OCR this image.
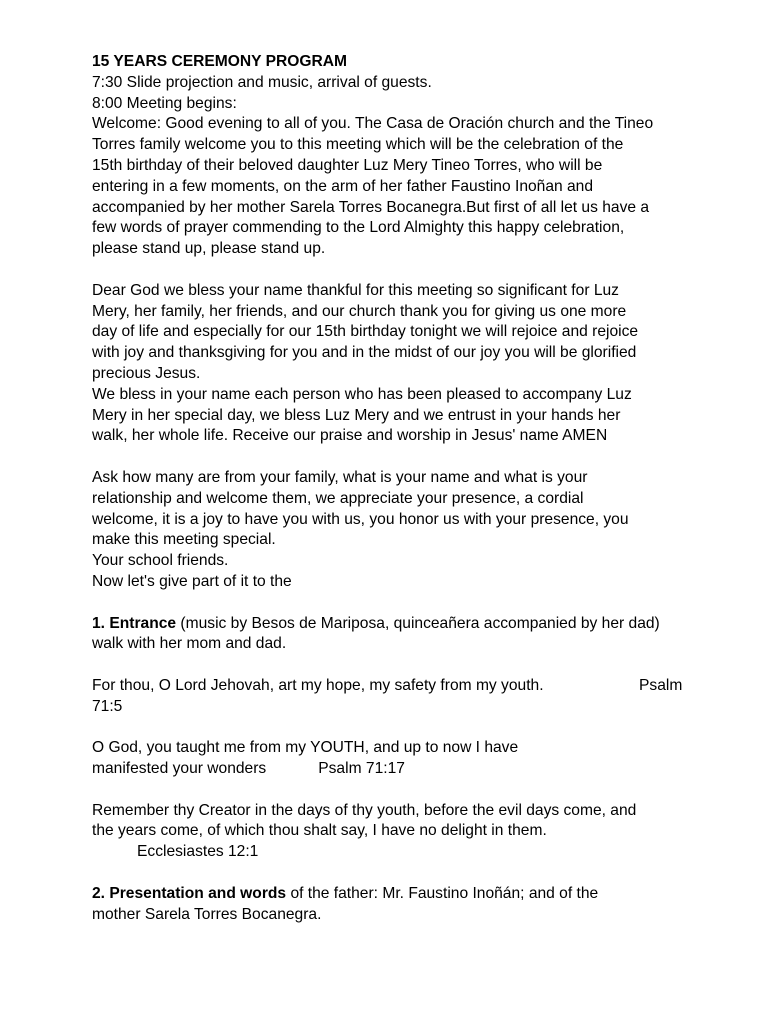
15 YEARS CEREMONY PROGRAM
7:30 Slide projection and music, arrival of guests.
8:00 Meeting begins:
Welcome: Good evening to all of you. The Casa de Oración church and the Tineo
Torres family welcome you to this meeting which will be the celebration of the
15th birthday of their beloved daughter Luz Mery Tineo Torres, who will be
entering in a few moments, on the arm of her father Faustino Inoñan and
accompanied by her mother Sarela Torres Bocanegra.But first of all let us have a
few words of prayer commending to the Lord Almighty this happy celebration,
please stand up, please stand up.
Dear God we bless your name thankful for this meeting so significant for Luz
Mery, her family, her friends, and our church thank you for giving us one more
day of life and especially for our 15th birthday tonight we will rejoice and rejoice
with joy and thanksgiving for you and in the midst of our joy you will be glorified
precious Jesus.
We bless in your name each person who has been pleased to accompany Luz
Mery in her special day, we bless Luz Mery and we entrust in your hands her
walk, her whole life. Receive our praise and worship in Jesus' name AMEN
Ask how many are from your family, what is your name and what is your
relationship and welcome them, we appreciate your presence, a cordial
welcome, it is a joy to have you with us, you honor us with your presence, you
make this meeting special.
Your school friends.
Now let's give part of it to the
1. Entrance (music by Besos de Mariposa, quinceañera accompanied by her dad)
walk with her mom and dad.
For thou, O Lord Jehovah, art my hope, my safety from my youth.	Psalm
71:5
O God, you taught me from my YOUTH, and up to now I have
manifested your wonders	Psalm 71:17
Remember thy Creator in the days of thy youth, before the evil days come, and
the years come, of which thou shalt say, I have no delight in them.
Ecclesiastes 12:1
2. Presentation and words of the father: Mr. Faustino Inoñán; and of the
mother Sarela Torres Bocanegra.
